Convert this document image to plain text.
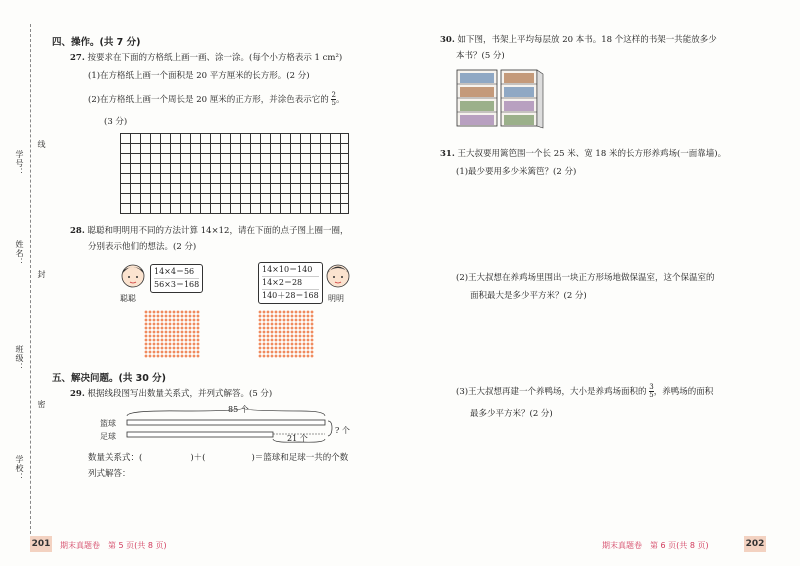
学校：
班级：
姓名：
学号：
线
封
密
四、操作。(共 7 分)
27. 按要求在下面的方格纸上画一画、涂一涂。(每个小方格表示 1 cm²)
(1)在方格纸上画一个面积是 20 平方厘米的长方形。(2 分)
(2)在方格纸上画一个周长是 20 厘米的正方形，并涂色表示它的 $\frac{2}{5}$ 。
(3 分)
28. 聪聪和明明用不同的方法计算 14×12，请在下面的点子图上圈一圈，
分别表示他们的想法。(2 分)
聪聪
14×4＝56
56×3＝168
14×10＝140
14×2＝28
140＋28＝168 明明
五、解决问题。(共 30 分)
29. 根据线段图写出数量关系式，并列式解答。(5 分)
85 个
篮球
足球	21 个
? 个
数量关系式：(	)＋(	)＝篮球和足球一共的个数
列式解答：
30. 如下图，书架上平均每层放 20 本书。18 个这样的书架一共能放多少
本书？(5 分)
31. 王大叔要用篱笆围一个长 25 米、宽 18 米的长方形养鸡场(一面靠墙)。
(1)最少要用多少米篱笆？(2 分)
(2)王大叔想在养鸡场里围出一块正方形场地做保温室，这个保温室的
面积最大是多少平方米？(2 分)
(3)王大叔想再建一个养鸭场，大小是养鸡场面积的 $\frac{3}{5}$ ，养鸭场的面积
最多少平方米？(2 分)
201 期末真题卷　第 5 页(共 8 页)	期末真题卷　第 6 页(共 8 页)	202
